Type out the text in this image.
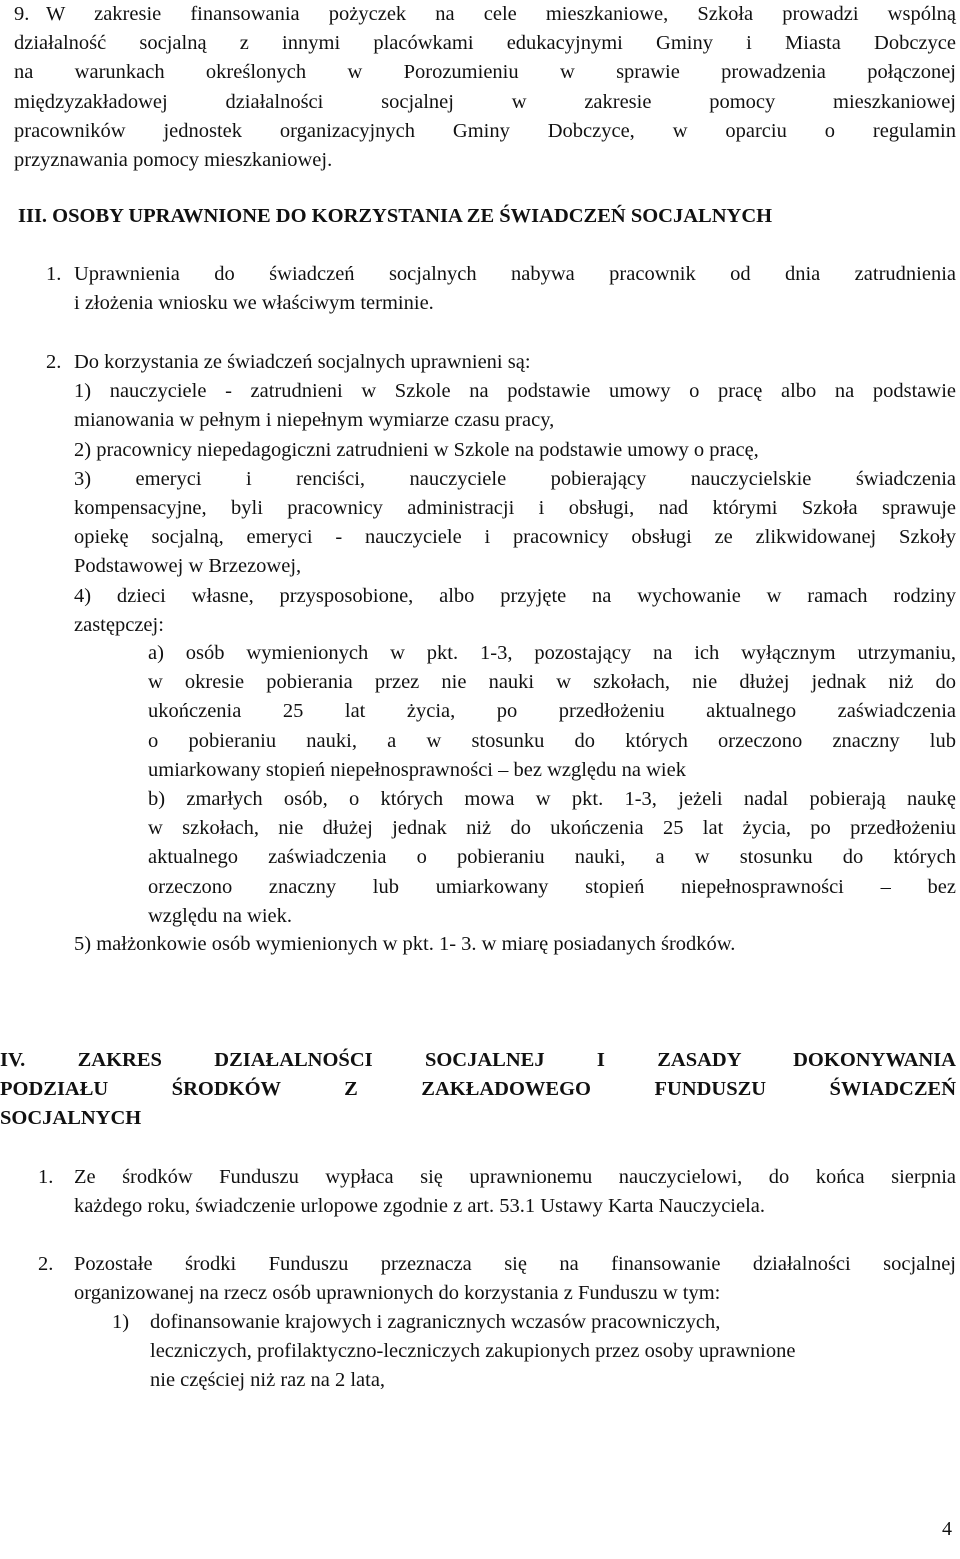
9. W zakresie finansowania pożyczek na cele mieszkaniowe, Szkoła prowadzi wspólną
działalność socjalną z innymi placówkami edukacyjnymi Gminy i Miasta Dobczyce
na warunkach określonych w Porozumieniu w sprawie prowadzenia połączonej
międzyzakładowej działalności socjalnej w zakresie pomocy mieszkaniowej
pracowników jednostek organizacyjnych Gminy Dobczyce, w oparciu o regulamin
przyznawania pomocy mieszkaniowej.
III. OSOBY UPRAWNIONE DO KORZYSTANIA ZE ŚWIADCZEŃ SOCJALNYCH
1. Uprawnienia do świadczeń socjalnych nabywa pracownik od dnia zatrudnienia
i złożenia wniosku we właściwym terminie.
2. Do korzystania ze świadczeń socjalnych uprawnieni są:
1) nauczyciele - zatrudnieni w Szkole na podstawie umowy o pracę albo na podstawie
mianowania w pełnym i niepełnym wymiarze czasu pracy,
2) pracownicy niepedagogiczni zatrudnieni w Szkole na podstawie umowy o pracę,
3) emeryci i renciści, nauczyciele pobierający nauczycielskie świadczenia
kompensacyjne, byli pracownicy administracji i obsługi, nad którymi Szkoła sprawuje
opiekę socjalną, emeryci - nauczyciele i pracownicy obsługi ze zlikwidowanej Szkoły
Podstawowej w Brzezowej,
4) dzieci własne, przysposobione, albo przyjęte na wychowanie w ramach rodziny
zastępczej:
a) osób wymienionych w pkt. 1-3, pozostający na ich wyłącznym utrzymaniu,
w okresie pobierania przez nie nauki w szkołach, nie dłużej jednak niż do
ukończenia 25 lat życia, po przedłożeniu aktualnego zaświadczenia
o pobieraniu nauki, a w stosunku do których orzeczono znaczny lub
umiarkowany stopień niepełnosprawności – bez względu na wiek
b) zmarłych osób, o których mowa w pkt. 1-3, jeżeli nadal pobierają naukę
w szkołach, nie dłużej jednak niż do ukończenia 25 lat życia, po przedłożeniu
aktualnego zaświadczenia o pobieraniu nauki, a w stosunku do których
orzeczono znaczny lub umiarkowany stopień niepełnosprawności – bez
względu na wiek.
5) małżonkowie osób wymienionych w pkt. 1- 3. w miarę posiadanych środków.
IV. ZAKRES DZIAŁALNOŚCI SOCJALNEJ I ZASADY DOKONYWANIA
PODZIAŁU ŚRODKÓW Z ZAKŁADOWEGO FUNDUSZU ŚWIADCZEŃ
SOCJALNYCH
1.	Ze środków Funduszu wypłaca się uprawnionemu nauczycielowi, do końca sierpnia
każdego roku, świadczenie urlopowe zgodnie z art. 53.1 Ustawy Karta Nauczyciela.
2.	Pozostałe środki Funduszu przeznacza się na finansowanie działalności socjalnej
organizowanej na rzecz osób uprawnionych do korzystania z Funduszu w tym:
1)	dofinansowanie krajowych i zagranicznych wczasów pracowniczych,
leczniczych, profilaktyczno-leczniczych zakupionych przez osoby uprawnione
nie częściej niż raz na 2 lata,
4
